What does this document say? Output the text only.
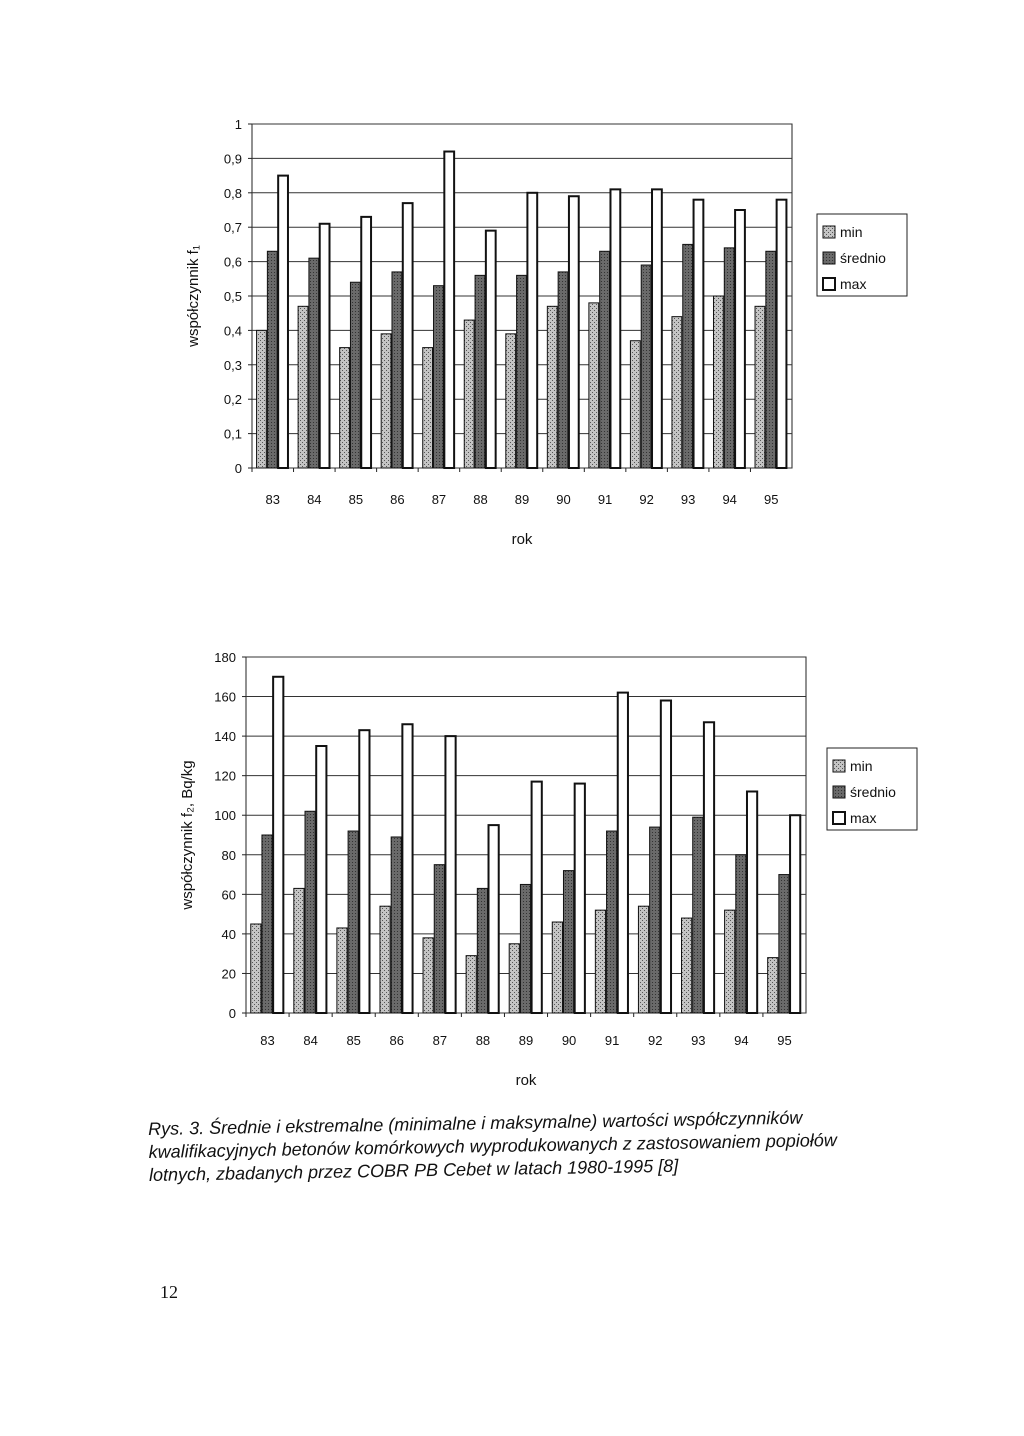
0
0,1
0,2
0,3
0,4
0,5
0,6
0,7
0,8
0,9
1
83 84 85 86 87 88 89 90 91 92 93 94 95
rok
współczynnik f₁
min
średnio
max
0
20
40
60
80
100
120
140
160
180
83 84 85 86 87 88 89 90 91 92 93 94 95
rok
współczynnik f₂, Bq/kg	min
średnio
max
Rys. 3. Średnie i ekstremalne (minimalne i maksymalne) wartości współczynników kwalifikacyjnych betonów komórkowych wyprodukowanych z zastosowaniem popiołów lotnych, zbadanych przez COBR PB Cebet w latach 1980-1995 [8]
12
